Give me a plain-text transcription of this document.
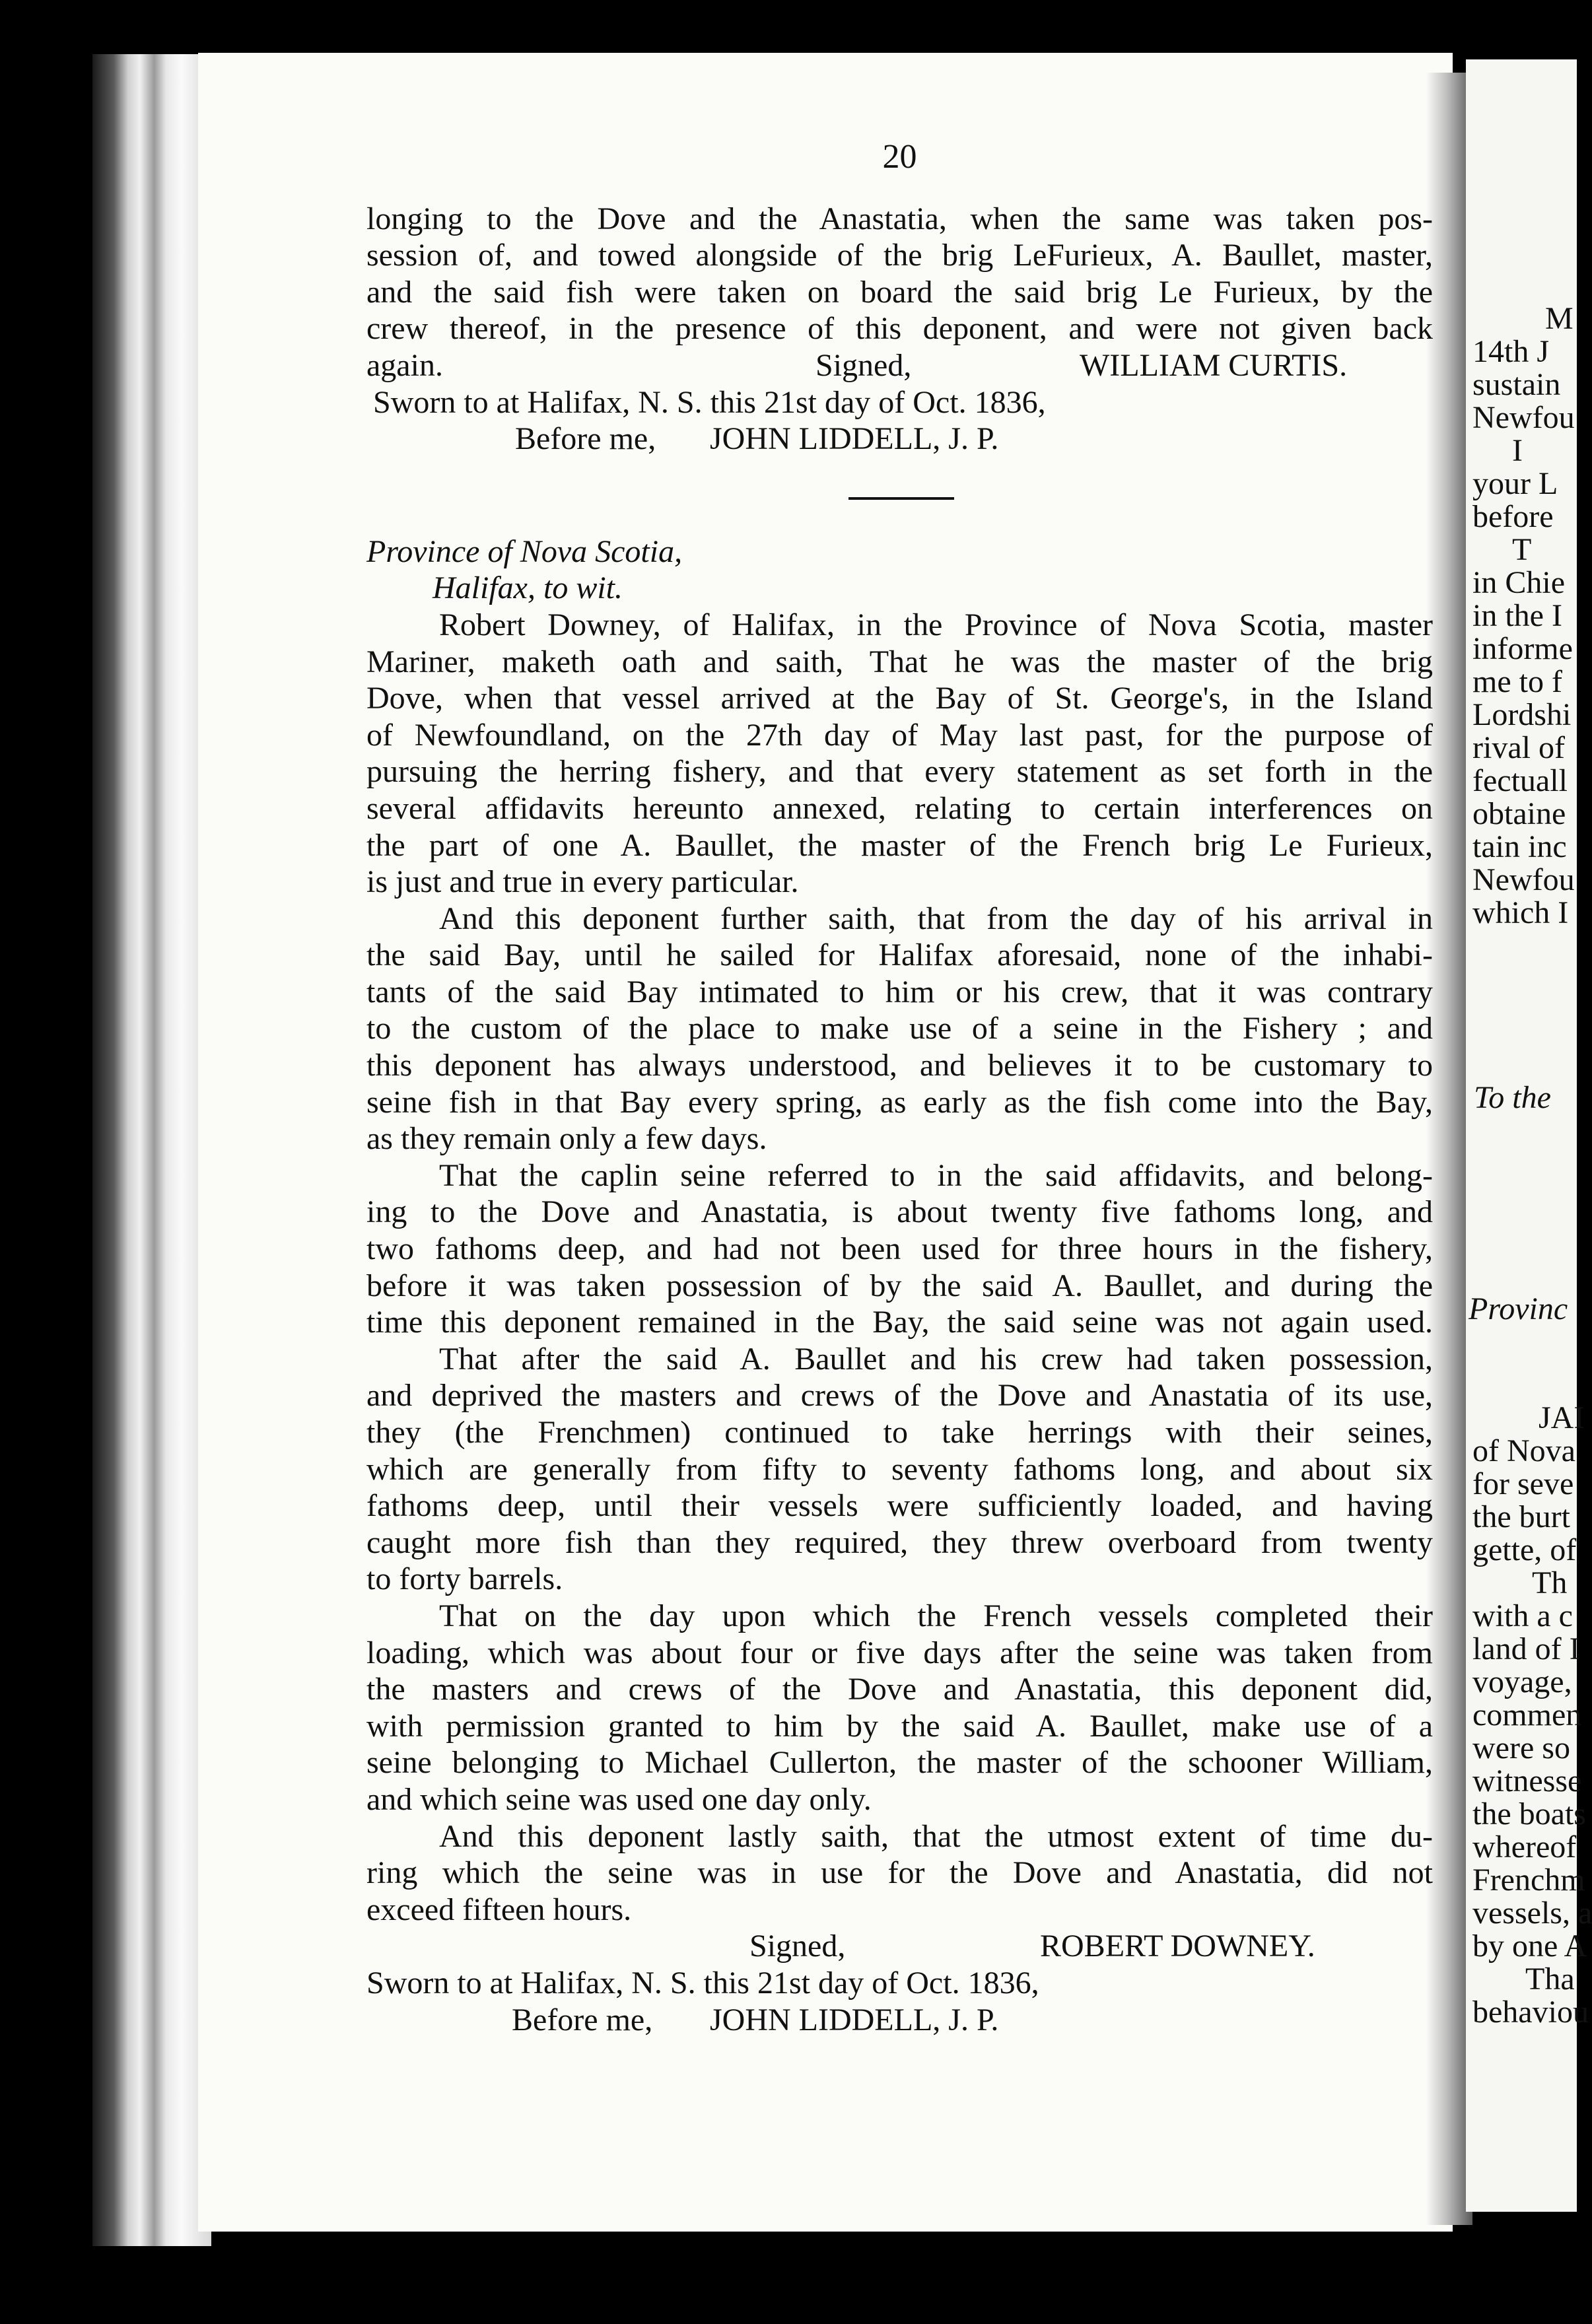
M
14th J
sustain
Newfou
I
your L
before
T
in Chie
in the I
informe
me to f
Lordshi
rival of
fectuall
obtaine
tain inc
Newfou
which I
To the
Provinc
JAI
of Nova
for seve
the burt
gette, of
Th
with a c
land of I
voyage,
commen
were so
witnesse
the boats
whereof
Frenchm
vessels, a
by one A
Tha
behaviou
20
longing to the Dove and the Anastatia, when the same was taken pos-
session of, and towed alongside of the brig LeFurieux, A. Baullet, master,
and the said fish were taken on board the said brig Le Furieux, by the
crew thereof, in the presence of this deponent, and were not given back
again.	Signed,	WILLIAM CURTIS.
Sworn to at Halifax, N. S. this 21st day of Oct. 1836,
Before me, JOHN LIDDELL, J. P.
Province of Nova Scotia,
Halifax, to wit.
Robert Downey, of Halifax, in the Province of Nova Scotia, master
Mariner, maketh oath and saith, That he was the master of the brig
Dove, when that vessel arrived at the Bay of St. George's, in the Island
of Newfoundland, on the 27th day of May last past, for the purpose of
pursuing the herring fishery, and that every statement as set forth in the
several affidavits hereunto annexed, relating to certain interferences on
the part of one A. Baullet, the master of the French brig Le Furieux,
is just and true in every particular.
And this deponent further saith, that from the day of his arrival in
the said Bay, until he sailed for Halifax aforesaid, none of the inhabi-
tants of the said Bay intimated to him or his crew, that it was contrary
to the custom of the place to make use of a seine in the Fishery ; and
this deponent has always understood, and believes it to be customary to
seine fish in that Bay every spring, as early as the fish come into the Bay,
as they remain only a few days.
That the caplin seine referred to in the said affidavits, and belong-
ing to the Dove and Anastatia, is about twenty five fathoms long, and
two fathoms deep, and had not been used for three hours in the fishery,
before it was taken possession of by the said A. Baullet, and during the
time this deponent remained in the Bay, the said seine was not again used.
That after the said A. Baullet and his crew had taken possession,
and deprived the masters and crews of the Dove and Anastatia of its use,
they (the Frenchmen) continued to take herrings with their seines,
which are generally from fifty to seventy fathoms long, and about six
fathoms deep, until their vessels were sufficiently loaded, and having
caught more fish than they required, they threw overboard from twenty
to forty barrels.
That on the day upon which the French vessels completed their
loading, which was about four or five days after the seine was taken from
the masters and crews of the Dove and Anastatia, this deponent did,
with permission granted to him by the said A. Baullet, make use of a
seine belonging to Michael Cullerton, the master of the schooner William,
and which seine was used one day only.
And this deponent lastly saith, that the utmost extent of time du-
ring which the seine was in use for the Dove and Anastatia, did not
exceed fifteen hours.
Signed,	ROBERT DOWNEY.
Sworn to at Halifax, N. S. this 21st day of Oct. 1836,
Before me, JOHN LIDDELL, J. P.
